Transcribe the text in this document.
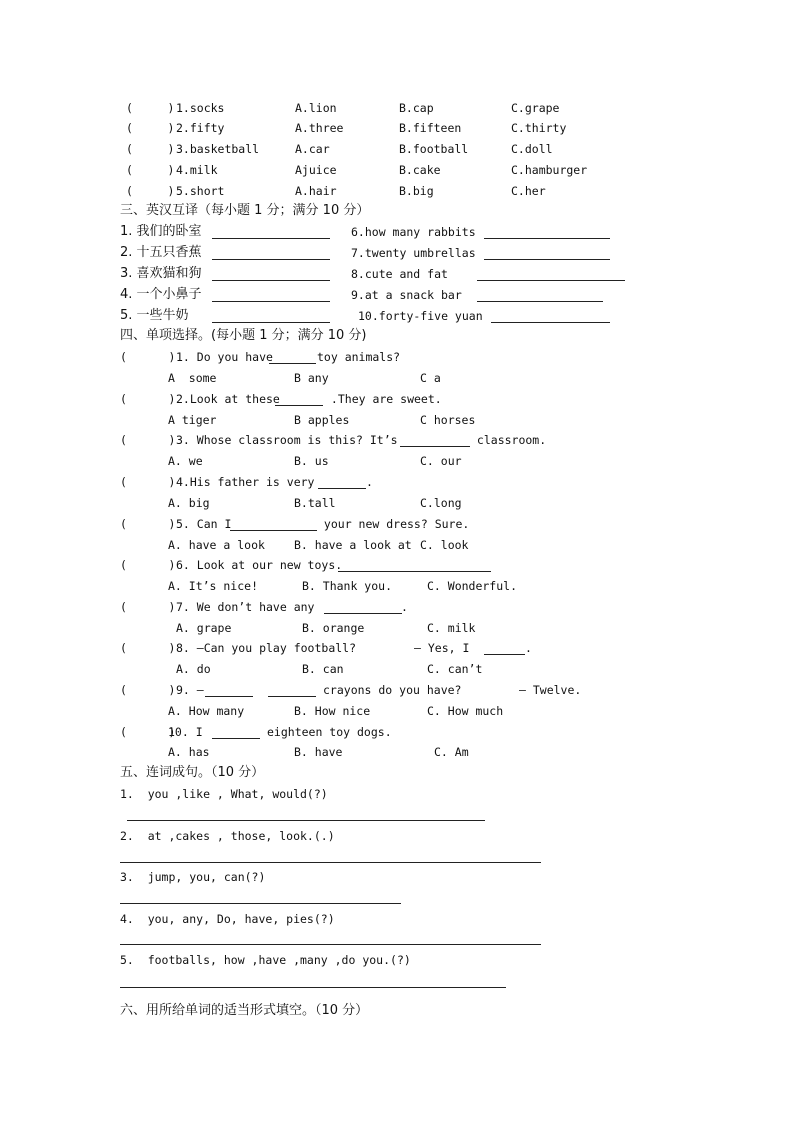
(     ) 1.socks	A.lion	B.cap	C.grape
(     ) 2.fifty	A.three	B.fifteen	C.thirty
(     ) 3.basketball	A.car	B.football	C.doll
(     ) 4.milk	Ajuice	B.cake	C.hamburger
(     ) 5.short	A.hair	B.big	C.her
三、英汉互译（每小题 1 分；满分 10 分）
1. 我们的卧室	6.how many rabbits
2. 十五只香蕉	7.twenty umbrellas
3. 喜欢猫和狗	8.cute and fat
4. 一个小鼻子	9.at a snack bar
5. 一些牛奶	10.forty-five yuan
四、单项选择。(每小题 1 分；满分 10 分)
(      ) 1. Do you have	toy animals?
A  some	B any	C a
(      ) 2.Look at these	.They are sweet.
A tiger	B apples	C horses
(      ) 3. Whose classroom is this? It’s	classroom.
A. we	B. us	C. our
(      ) 4.His father is very	.
A. big	B.tall	C.long
(      ) 5. Can I	your new dress? Sure.
A. have a look	B. have a look at C. look
(      ) 6. Look at our new toys.
A. It’s nice!	B. Thank you.	C. Wonderful.
(      ) 7. We don’t have any	.
A. grape	B. orange	C. milk
(      ) 8. —Can you play football?	— Yes, I	.
A. do	B. can	C. can’t
(      ) 9. —	crayons do you have?	— Twelve.
A. How many	B. How nice	C. How much
(      )
10. I	eighteen toy dogs.
A. has	B. have	C. Am
五、连词成句。（10 分）
1.  you ,like , What, would(?)
2.  at ,cakes , those, look.(.)
3.  jump, you, can(?)
4.  you, any, Do, have, pies(?)
5.  footballs, how ,have ,many ,do you.(?)
六、用所给单词的适当形式填空。（10 分）
